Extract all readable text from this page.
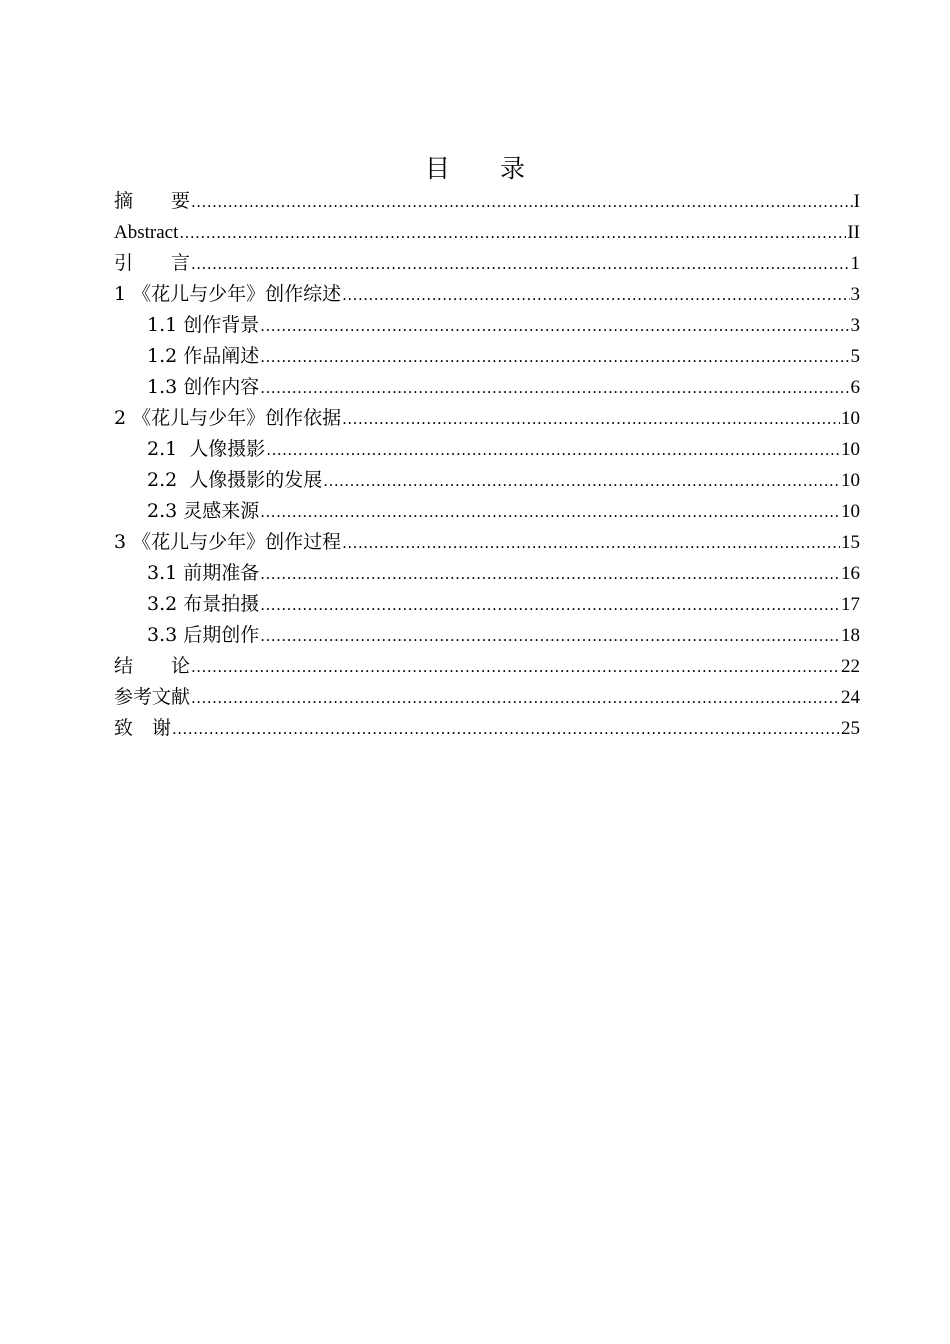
目　　录
摘　　要 .....	I
Abstract .....	II
引　　言 .....	1
1 《花儿与少年》创作综述 .....	3
1.1 创作背景 .....	3
1.2 作品阐述 .....	5
1.3 创作内容 .....	6
2 《花儿与少年》创作依据 .....	10
2.1  人像摄影 .....	10
2.2  人像摄影的发展 .....	10
2.3 灵感来源 .....	10
3 《花儿与少年》创作过程 .....	15
3.1 前期准备 .....	16
3.2 布景拍摄 .....	17
3.3 后期创作 .....	18
结　　论 .....	22
参考文献 .....	24
致　谢 .....	25
